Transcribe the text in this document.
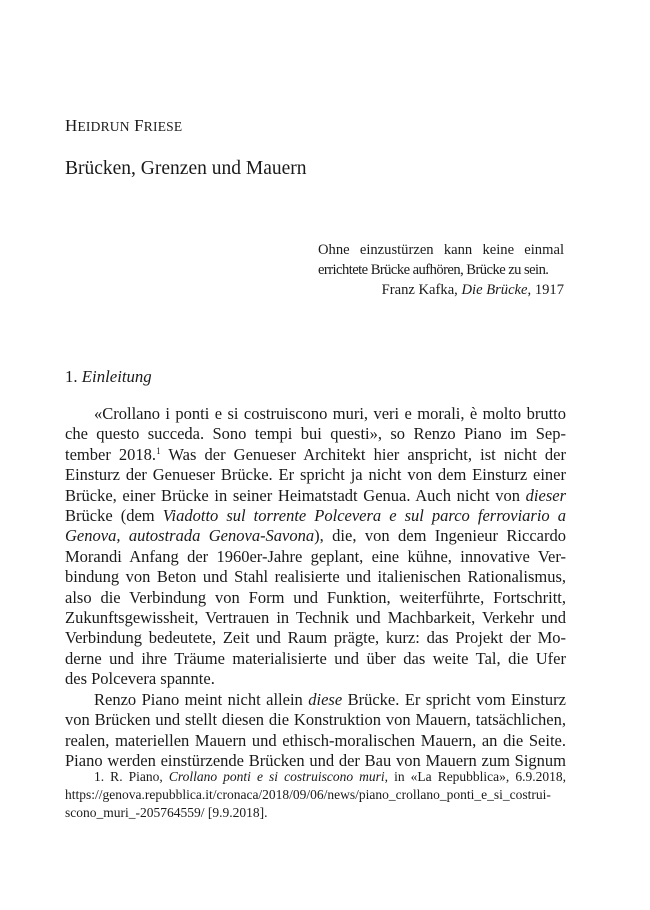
HEIDRUN FRIESE
Brücken, Grenzen und Mauern
Ohne einzustürzen kann keine einmal
errichtete Brücke aufhören, Brücke zu sein.
Franz Kafka, Die Brücke, 1917
1. Einleitung
«Crollano i ponti e si costruiscono muri, veri e morali, è molto brutto
che questo succeda. Sono tempi bui questi», so Renzo Piano im Sep-
tember 2018.$^1$ Was der Genueser Architekt hier anspricht, ist nicht der
Einsturz der Genueser Brücke. Er spricht ja nicht von dem Einsturz einer
Brücke, einer Brücke in seiner Heimatstadt Genua. Auch nicht von dieser
Brücke (dem Viadotto sul torrente Polcevera e sul parco ferroviario a
Genova, autostrada Genova-Savona), die, von dem Ingenieur Riccardo
Morandi Anfang der 1960er-Jahre geplant, eine kühne, innovative Ver-
bindung von Beton und Stahl realisierte und italienischen Rationalismus,
also die Verbindung von Form und Funktion, weiterführte, Fortschritt,
Zukunftsgewissheit, Vertrauen in Technik und Machbarkeit, Verkehr und
Verbindung bedeutete, Zeit und Raum prägte, kurz: das Projekt der Mo-
derne und ihre Träume materialisierte und über das weite Tal, die Ufer
des Polcevera spannte.
Renzo Piano meint nicht allein diese Brücke. Er spricht vom Einsturz
von Brücken und stellt diesen die Konstruktion von Mauern, tatsächlichen,
realen, materiellen Mauern und ethisch-moralischen Mauern, an die Seite.
Piano werden einstürzende Brücken und der Bau von Mauern zum Signum
1. R. Piano, Crollano ponti e si costruiscono muri, in «La Repubblica», 6.9.2018,
https://genova.repubblica.it/cronaca/2018/09/06/news/piano_crollano_ponti_e_si_costrui-
scono_muri_-205764559/ [9.9.2018].
